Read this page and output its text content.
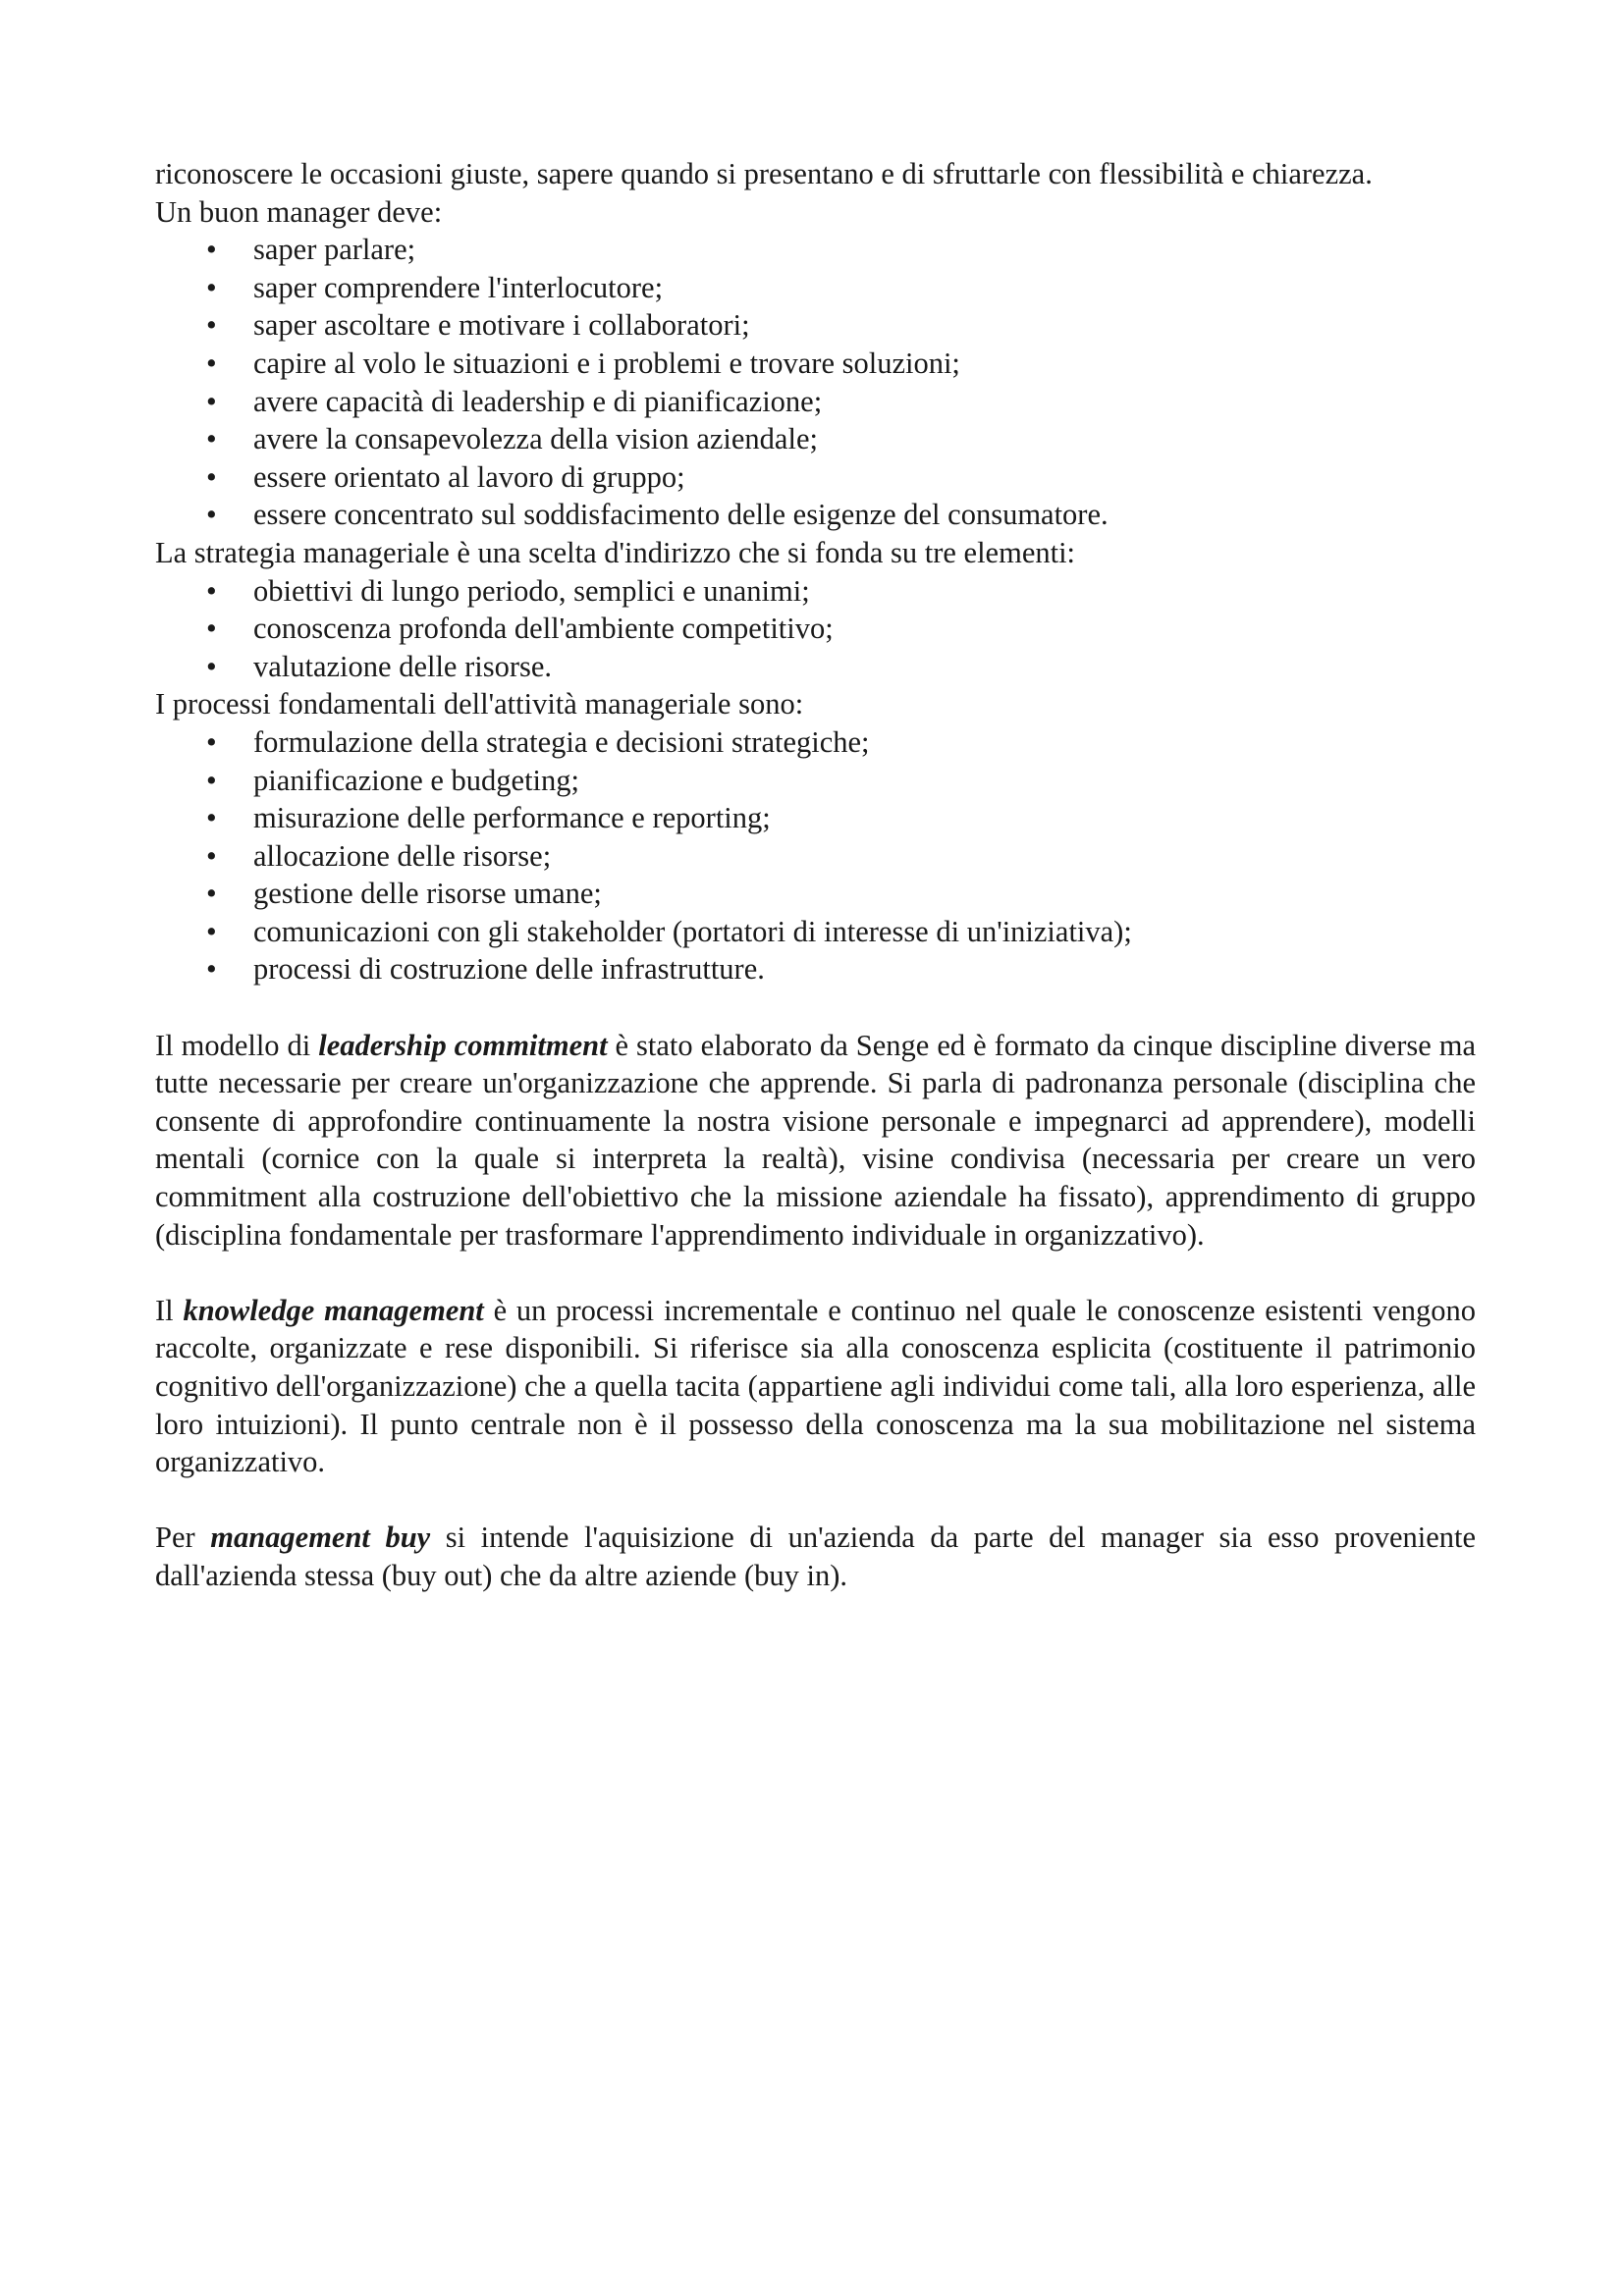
riconoscere le occasioni giuste, sapere quando si presentano e di sfruttarle con flessibilità e chiarezza.

Un buon manager deve:

• saper parlare;
• saper comprendere l'interlocutore;
• saper ascoltare e motivare i collaboratori;
• capire al volo le situazioni e i problemi e trovare soluzioni;
• avere capacità di leadership e di pianificazione;
• avere la consapevolezza della vision aziendale;
• essere orientato al lavoro di gruppo;
• essere concentrato sul soddisfacimento delle esigenze del consumatore.

La strategia manageriale è una scelta d'indirizzo che si fonda su tre elementi:

• obiettivi di lungo periodo, semplici e unanimi;
• conoscenza profonda dell'ambiente competitivo;
• valutazione delle risorse.

I processi fondamentali dell'attività manageriale sono:

• formulazione della strategia e decisioni strategiche;
• pianificazione e budgeting;
• misurazione delle performance e reporting;
• allocazione delle risorse;
• gestione delle risorse umane;
• comunicazioni con gli stakeholder (portatori di interesse di un'iniziativa);
• processi di costruzione delle infrastrutture.

Il modello di leadership commitment è stato elaborato da Senge ed è formato da cinque discipline diverse ma tutte necessarie per creare un'organizzazione che apprende. Si parla di padronanza personale (disciplina che consente di approfondire continuamente la nostra visione personale e impegnarci ad apprendere), modelli mentali (cornice con la quale si interpreta la realtà), visine condivisa (necessaria per creare un vero commitment alla costruzione dell'obiettivo che la missione aziendale ha fissato), apprendimento di gruppo (disciplina fondamentale per trasformare l'apprendimento individuale in organizzativo).

Il knowledge management è un processi incrementale e continuo nel quale le conoscenze esistenti vengono raccolte, organizzate e rese disponibili. Si riferisce sia alla conoscenza esplicita (costituente il patrimonio cognitivo dell'organizzazione) che a quella tacita (appartiene agli individui come tali, alla loro esperienza, alle loro intuizioni). Il punto centrale non è il possesso della conoscenza ma la sua mobilitazione nel sistema organizzativo.

Per management buy si intende l'aquisizione di un'azienda da parte del manager sia esso proveniente dall'azienda stessa (buy out) che da altre aziende (buy in).
